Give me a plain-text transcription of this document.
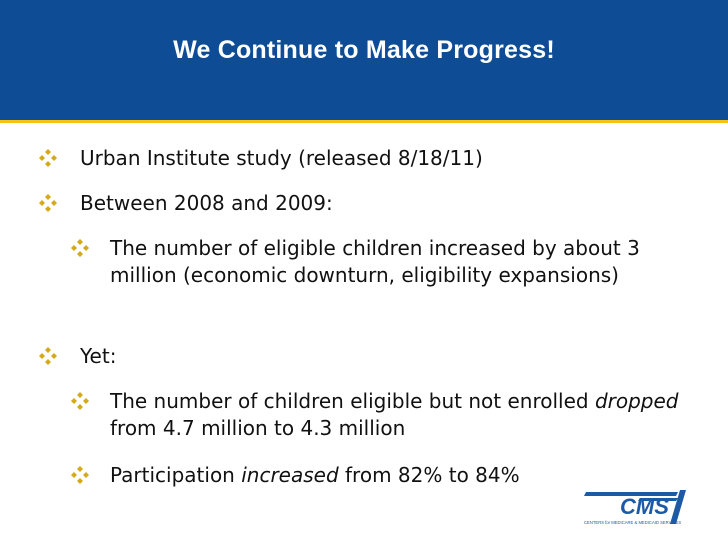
We Continue to Make Progress!
Urban Institute study (released 8/18/11)
Between 2008 and 2009:
The number of eligible children increased by about 3 million (economic downturn, eligibility expansions)
Yet:
The number of children eligible but not enrolled dropped from 4.7 million to 4.3 million
Participation increased from 82% to 84%
CMS
CENTERS for MEDICARE & MEDICAID SERVICES
